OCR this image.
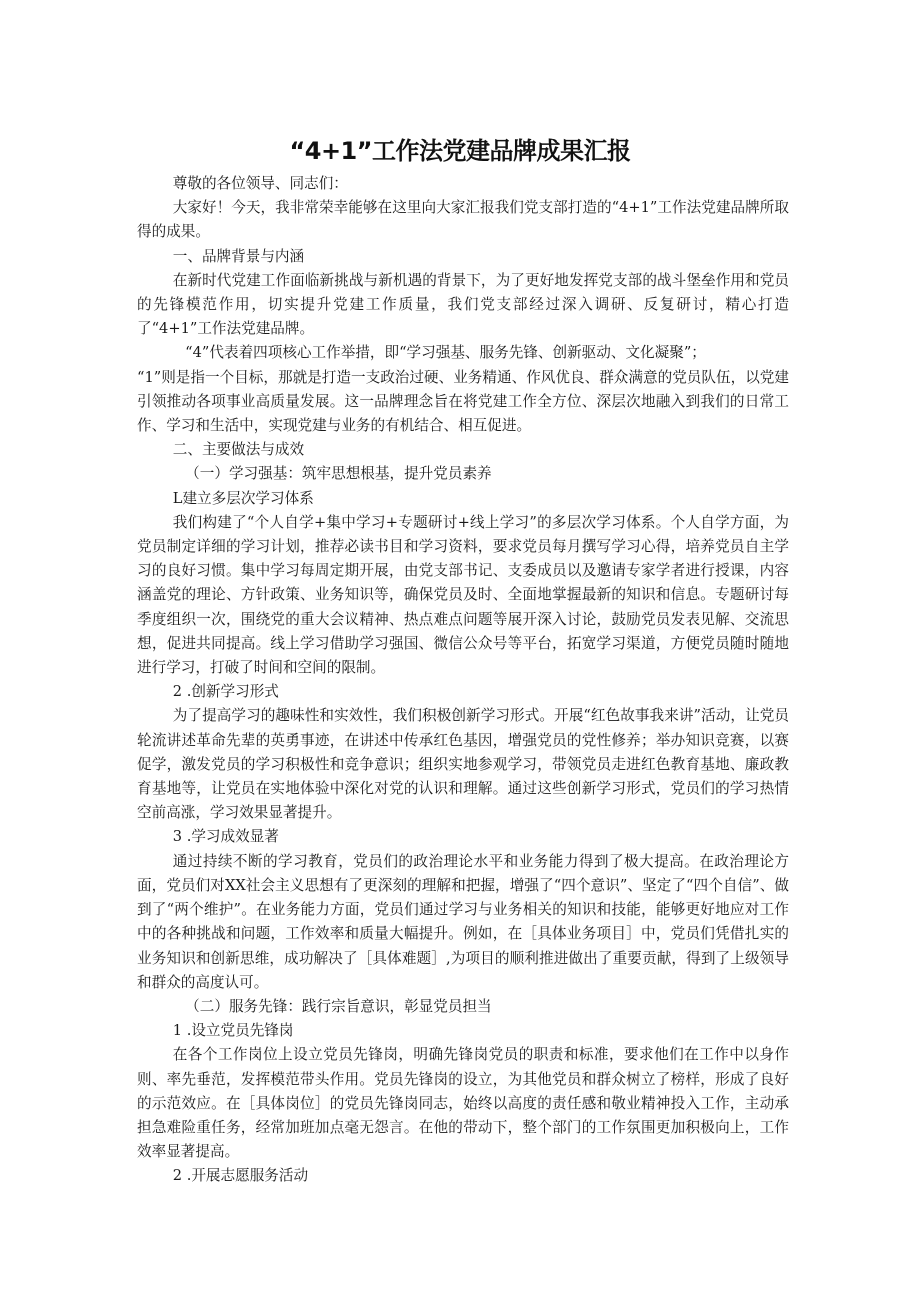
“4+1”工作法党建品牌成果汇报

尊敬的各位领导、同志们：

大家好！今天，我非常荣幸能够在这里向大家汇报我们党支部打造的“4+1”工作法党建品牌所取得的成果。

一、品牌背景与内涵

在新时代党建工作面临新挑战与新机遇的背景下，为了更好地发挥党支部的战斗堡垒作用和党员的先锋模范作用，切实提升党建工作质量，我们党支部经过深入调研、反复研讨，精心打造了“4+1”工作法党建品牌。

“4”代表着四项核心工作举措，即“学习强基、服务先锋、创新驱动、文化凝聚”；

“1”则是指一个目标，那就是打造一支政治过硬、业务精通、作风优良、群众满意的党员队伍，以党建引领推动各项事业高质量发展。这一品牌理念旨在将党建工作全方位、深层次地融入到我们的日常工作、学习和生活中，实现党建与业务的有机结合、相互促进。

二、主要做法与成效

（一）学习强基：筑牢思想根基，提升党员素养

L建立多层次学习体系

我们构建了“个人自学+集中学习+专题研讨+线上学习”的多层次学习体系。个人自学方面，为党员制定详细的学习计划，推荐必读书目和学习资料，要求党员每月撰写学习心得，培养党员自主学习的良好习惯。集中学习每周定期开展，由党支部书记、支委成员以及邀请专家学者进行授课，内容涵盖党的理论、方针政策、业务知识等，确保党员及时、全面地掌握最新的知识和信息。专题研讨每季度组织一次，围绕党的重大会议精神、热点难点问题等展开深入讨论，鼓励党员发表见解、交流思想，促进共同提高。线上学习借助学习强国、微信公众号等平台，拓宽学习渠道，方便党员随时随地进行学习，打破了时间和空间的限制。

2 .创新学习形式

为了提高学习的趣味性和实效性，我们积极创新学习形式。开展“红色故事我来讲”活动，让党员轮流讲述革命先辈的英勇事迹，在讲述中传承红色基因，增强党员的党性修养；举办知识竞赛，以赛促学，激发党员的学习积极性和竞争意识；组织实地参观学习，带领党员走进红色教育基地、廉政教育基地等，让党员在实地体验中深化对党的认识和理解。通过这些创新学习形式，党员们的学习热情空前高涨，学习效果显著提升。

3 .学习成效显著

通过持续不断的学习教育，党员们的政治理论水平和业务能力得到了极大提高。在政治理论方面，党员们对XX社会主义思想有了更深刻的理解和把握，增强了“四个意识”、坚定了“四个自信”、做到了“两个维护”。在业务能力方面，党员们通过学习与业务相关的知识和技能，能够更好地应对工作中的各种挑战和问题，工作效率和质量大幅提升。例如，在［具体业务项目］中，党员们凭借扎实的业务知识和创新思维，成功解决了［具体难题］,为项目的顺利推进做出了重要贡献，得到了上级领导和群众的高度认可。

（二）服务先锋：践行宗旨意识，彰显党员担当

1 .设立党员先锋岗

在各个工作岗位上设立党员先锋岗，明确先锋岗党员的职责和标准，要求他们在工作中以身作则、率先垂范，发挥模范带头作用。党员先锋岗的设立，为其他党员和群众树立了榜样，形成了良好的示范效应。在［具体岗位］的党员先锋岗同志，始终以高度的责任感和敬业精神投入工作，主动承担急难险重任务，经常加班加点毫无怨言。在他的带动下，整个部门的工作氛围更加积极向上，工作效率显著提高。

2 .开展志愿服务活动
